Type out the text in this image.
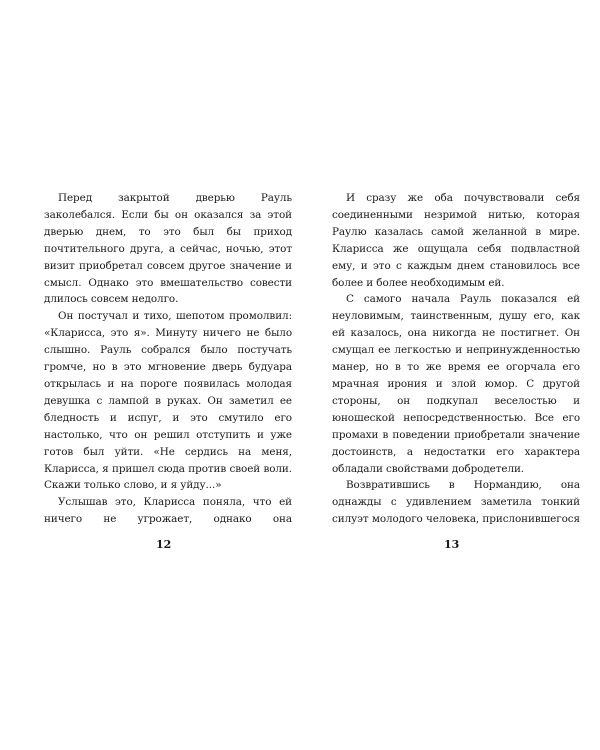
Перед закрытой дверью Рауль заколебался. Если бы он оказался за этой дверью днем, то это был бы приход почтительного друга, а сейчас, ночью, этот визит приобретал совсем другое значение и смысл. Однако это вмешательство совести длилось совсем недолго.

Он постучал и тихо, шепотом промолвил: «Кларисса, это я». Минуту ничего не было слышно. Рауль собрался было постучать громче, но в это мгновение дверь будуара открылась и на пороге появилась молодая девушка с лампой в руках. Он заметил ее бледность и испуг, и это смутило его настолько, что он решил отступить и уже готов был уйти. «Не сердись на меня, Кларисса, я пришел сюда против своей воли. Скажи только слово, и я уйду...»

Услышав это, Кларисса поняла, что ей ничего не угрожает, однако она

12

И сразу же оба почувствовали себя соединенными незримой нитью, которая Раулю казалась самой желанной в мире. Кларисса же ощущала себя подвластной ему, и это с каждым днем становилось все более и более необходимым ей.

С самого начала Рауль показался ей неуловимым, таинственным, душу его, как ей казалось, она никогда не постигнет. Он смущал ее легкостью и непринужденностью манер, но в то же время ее огорчала его мрачная ирония и злой юмор. С другой стороны, он подкупал веселостью и юношеской непосредственностью. Все его промахи в поведении приобретали значение достоинств, а недостатки его характера обладали свойствами добродетели.

Возвратившись в Нормандию, она однажды с удивлением заметила тонкий силуэт молодого человека, прислонившегося

13
